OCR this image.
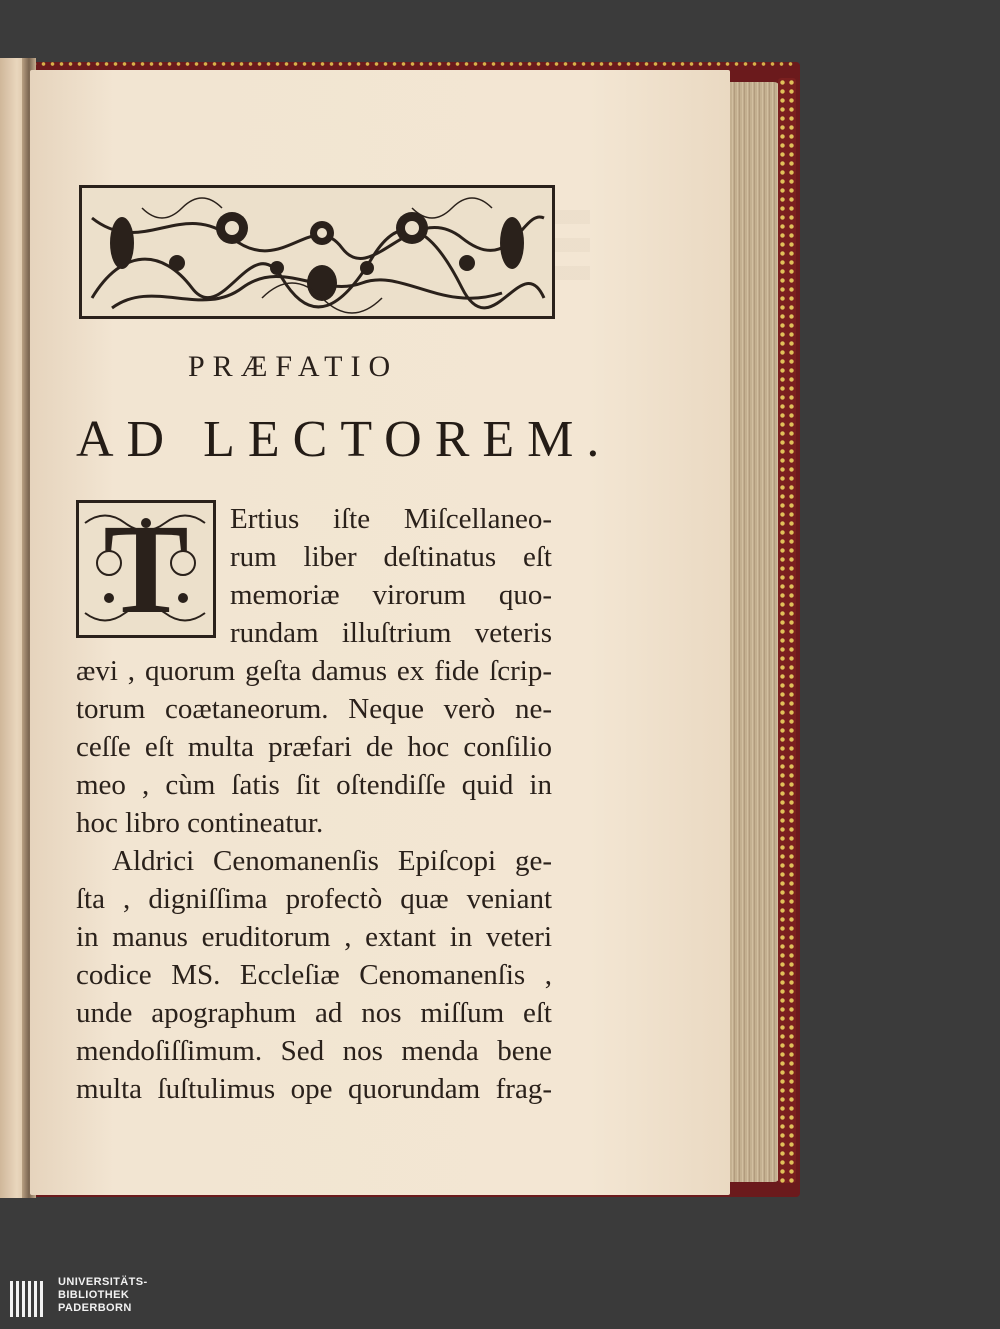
PRÆFATIO
AD LECTOREM.
T	Ertius iſte Miſcellaneo-
rum liber deſtinatus eſt
memoriæ virorum quo-
rundam illuſtrium veteris
ævi , quorum geſta damus ex fide ſcrip-
torum coætaneorum. Neque verò ne-
ceſſe eſt multa præfari de hoc conſilio
meo , cùm ſatis ſit oſtendiſſe quid in
hoc libro contineatur.
Aldrici Cenomanenſis Epiſcopi ge-
ſta , digniſſima profectò quæ veniant
in manus eruditorum , extant in veteri
codice MS. Eccleſiæ Cenomanenſis ,
unde apographum ad nos miſſum eſt
mendoſiſſimum. Sed nos menda bene
multa ſuſtulimus ope quorundam frag-
UNIVERSITÄTS-
BIBLIOTHEK
PADERBORN
